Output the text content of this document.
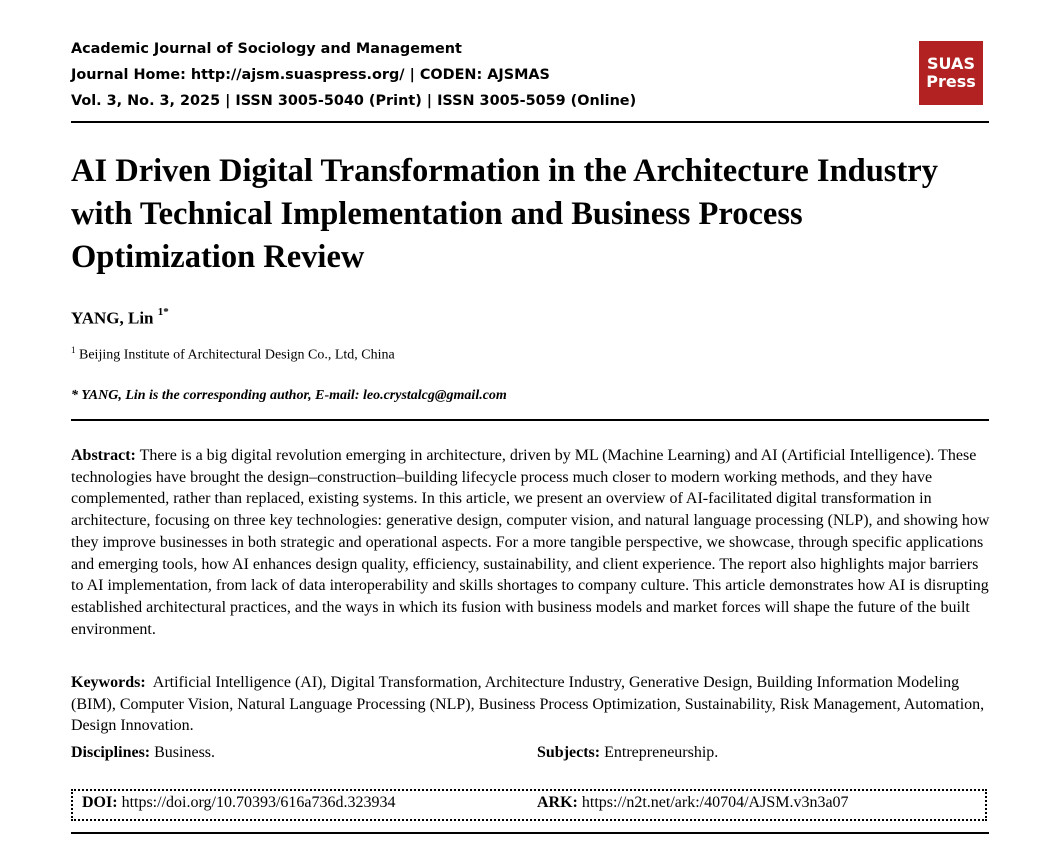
Academic Journal of Sociology and Management
Journal Home: http://ajsm.suaspress.org/ | CODEN: AJSMAS
Vol. 3, No. 3, 2025 | ISSN 3005-5040 (Print) | ISSN 3005-5059 (Online)
SUAS
Press
AI Driven Digital Transformation in the Architecture Industry with Technical Implementation and Business Process Optimization Review
YANG, Lin $^{1*}$
$^1$ Beijing Institute of Architectural Design Co., Ltd, China
* YANG, Lin is the corresponding author, E-mail: leo.crystalcg@gmail.com

Abstract: There is a big digital revolution emerging in architecture, driven by ML (Machine Learning) and AI (Artificial Intelligence). These technologies have brought the design–construction–building lifecycle process much closer to modern working methods, and they have complemented, rather than replaced, existing systems. In this article, we present an overview of AI-facilitated digital transformation in architecture, focusing on three key technologies: generative design, computer vision, and natural language processing (NLP), and showing how they improve businesses in both strategic and operational aspects. For a more tangible perspective, we showcase, through specific applications and emerging tools, how AI enhances design quality, efficiency, sustainability, and client experience. The report also highlights major barriers to AI implementation, from lack of data interoperability and skills shortages to company culture. This article demonstrates how AI is disrupting established architectural practices, and the ways in which its fusion with business models and market forces will shape the future of the built environment.

Keywords: Artificial Intelligence (AI), Digital Transformation, Architecture Industry, Generative Design, Building Information Modeling (BIM), Computer Vision, Natural Language Processing (NLP), Business Process Optimization, Sustainability, Risk Management, Automation, Design Innovation.

Disciplines: Business.	Subjects: Entrepreneurship.
DOI: https://doi.org/10.70393/616a736d.323934	ARK: https://n2t.net/ark:/40704/AJSM.v3n3a07
